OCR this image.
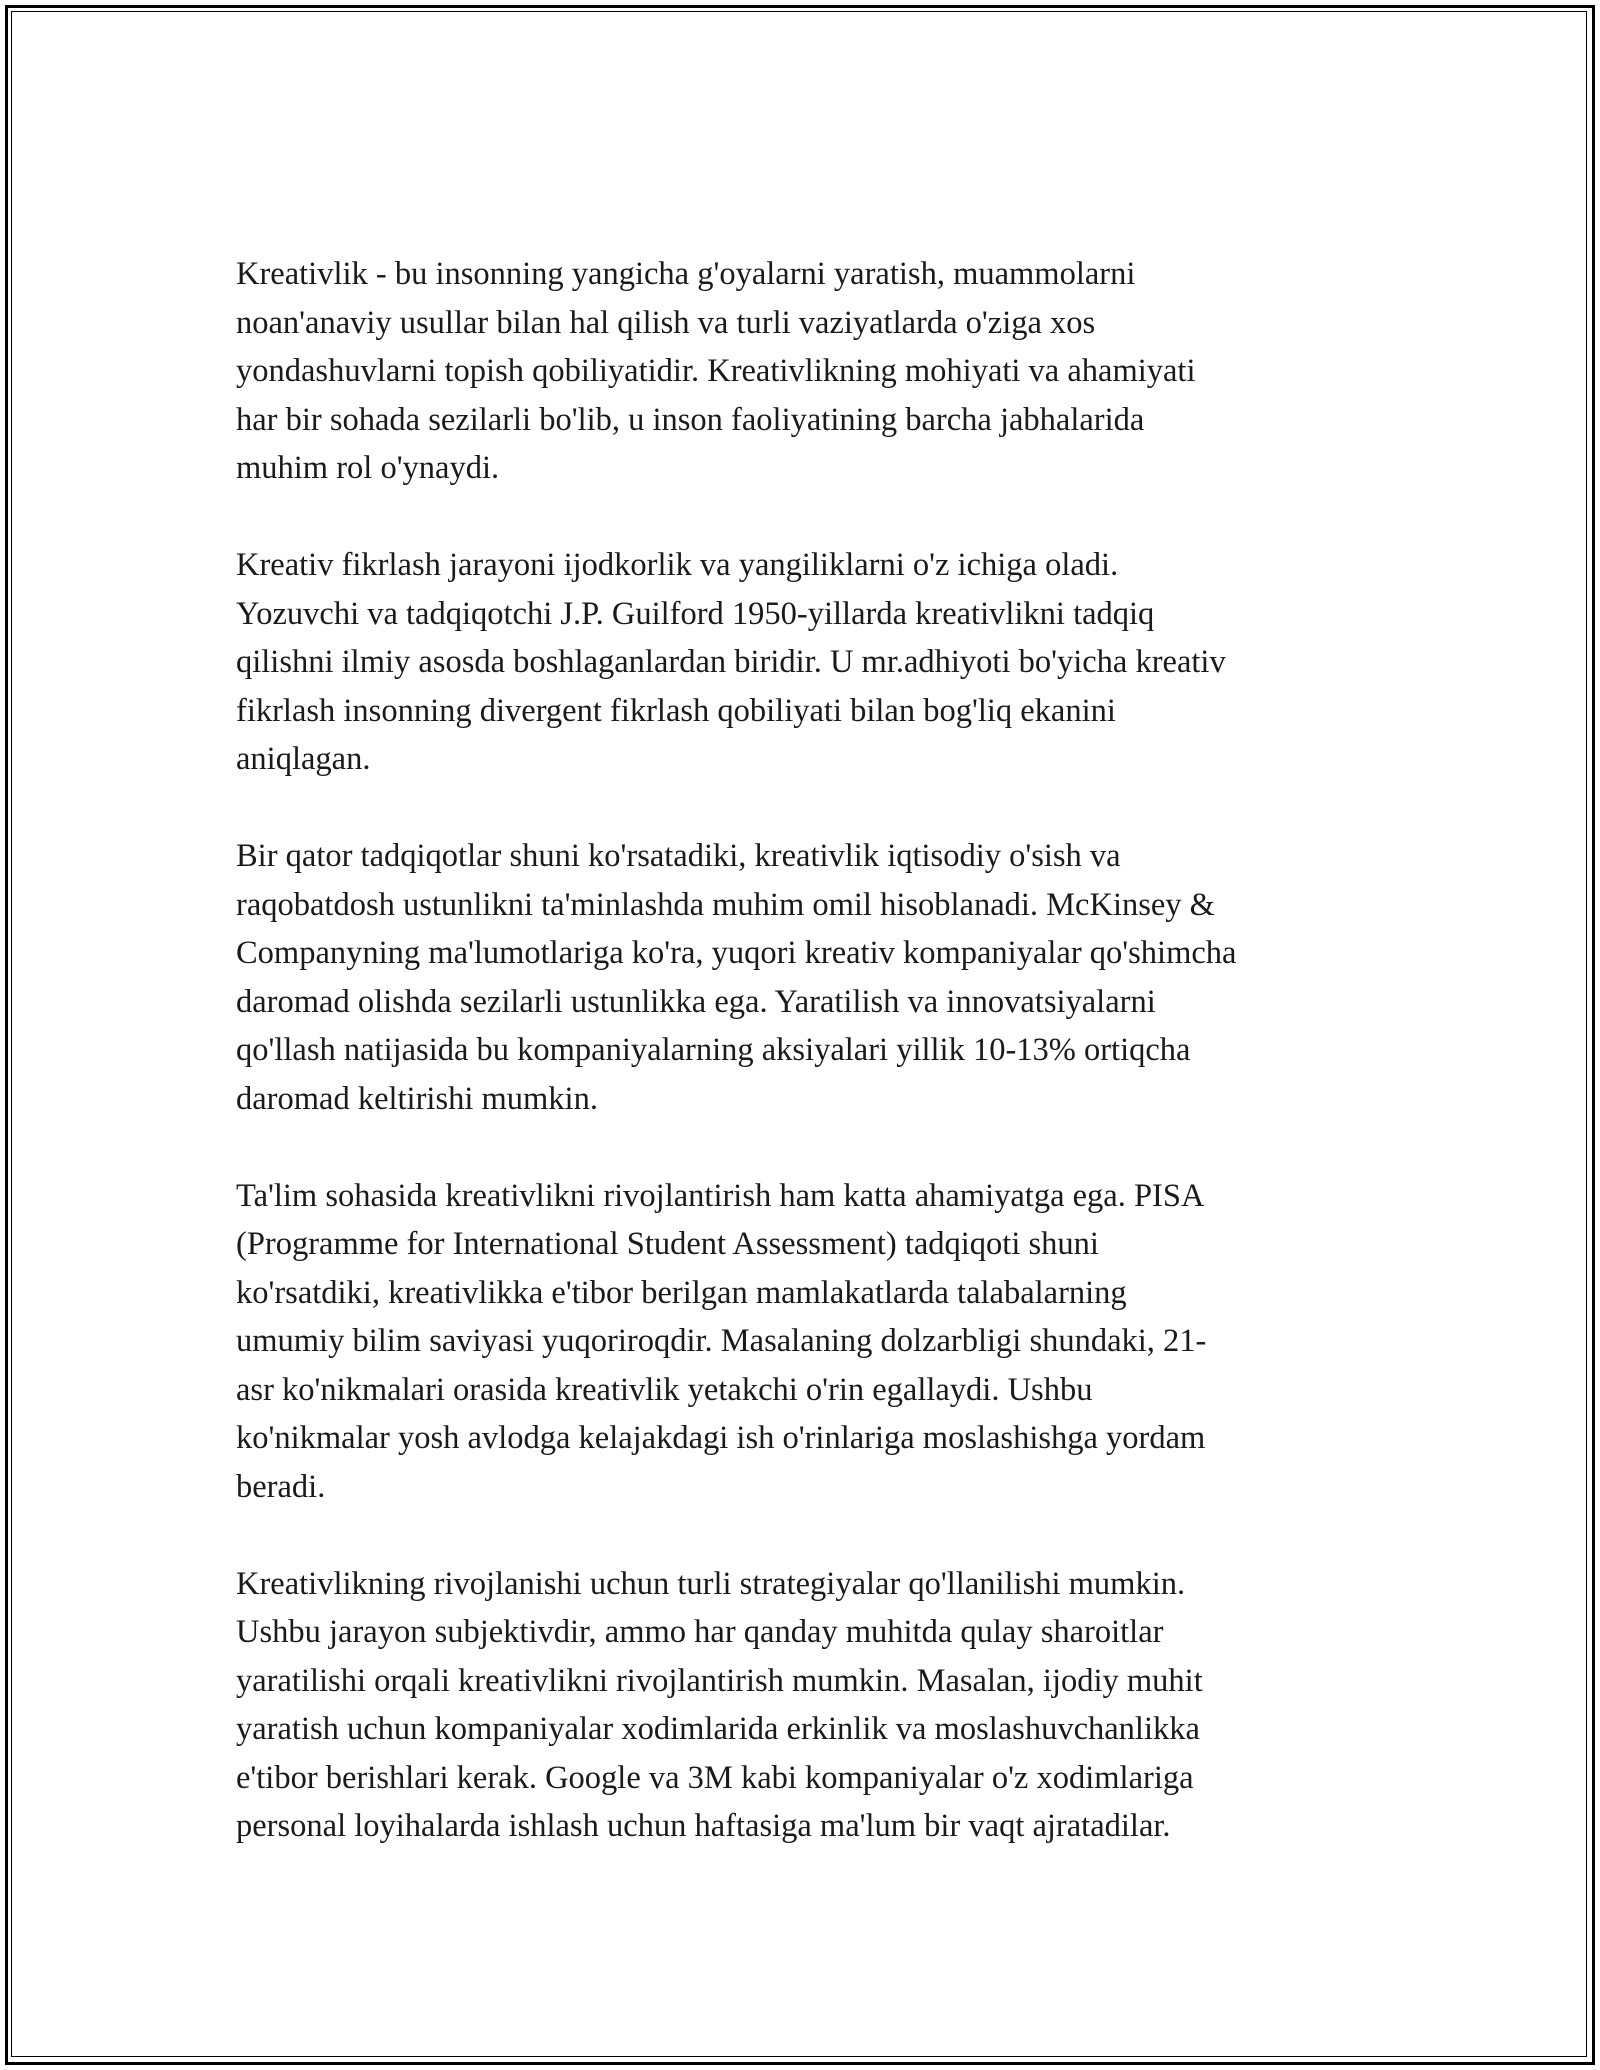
Kreativlik - bu insonning yangicha g'oyalarni yaratish, muammolarni
noan'anaviy usullar bilan hal qilish va turli vaziyatlarda o'ziga xos
yondashuvlarni topish qobiliyatidir. Kreativlikning mohiyati va ahamiyati
har bir sohada sezilarli bo'lib, u inson faoliyatining barcha jabhalarida
muhim rol o'ynaydi.

Kreativ fikrlash jarayoni ijodkorlik va yangiliklarni o'z ichiga oladi.
Yozuvchi va tadqiqotchi J.P. Guilford 1950-yillarda kreativlikni tadqiq
qilishni ilmiy asosda boshlaganlardan biridir. U mr.adhiyoti bo'yicha kreativ
fikrlash insonning divergent fikrlash qobiliyati bilan bog'liq ekanini
aniqlagan.

Bir qator tadqiqotlar shuni ko'rsatadiki, kreativlik iqtisodiy o'sish va
raqobatdosh ustunlikni ta'minlashda muhim omil hisoblanadi. McKinsey &
Companyning ma'lumotlariga ko'ra, yuqori kreativ kompaniyalar qo'shimcha
daromad olishda sezilarli ustunlikka ega. Yaratilish va innovatsiyalarni
qo'llash natijasida bu kompaniyalarning aksiyalari yillik 10-13% ortiqcha
daromad keltirishi mumkin.

Ta'lim sohasida kreativlikni rivojlantirish ham katta ahamiyatga ega. PISA
(Programme for International Student Assessment) tadqiqoti shuni
ko'rsatdiki, kreativlikka e'tibor berilgan mamlakatlarda talabalarning
umumiy bilim saviyasi yuqoriroqdir. Masalaning dolzarbligi shundaki, 21-
asr ko'nikmalari orasida kreativlik yetakchi o'rin egallaydi. Ushbu
ko'nikmalar yosh avlodga kelajakdagi ish o'rinlariga moslashishga yordam
beradi.

Kreativlikning rivojlanishi uchun turli strategiyalar qo'llanilishi mumkin.
Ushbu jarayon subjektivdir, ammo har qanday muhitda qulay sharoitlar
yaratilishi orqali kreativlikni rivojlantirish mumkin. Masalan, ijodiy muhit
yaratish uchun kompaniyalar xodimlarida erkinlik va moslashuvchanlikka
e'tibor berishlari kerak. Google va 3M kabi kompaniyalar o'z xodimlariga
personal loyihalarda ishlash uchun haftasiga ma'lum bir vaqt ajratadilar.
